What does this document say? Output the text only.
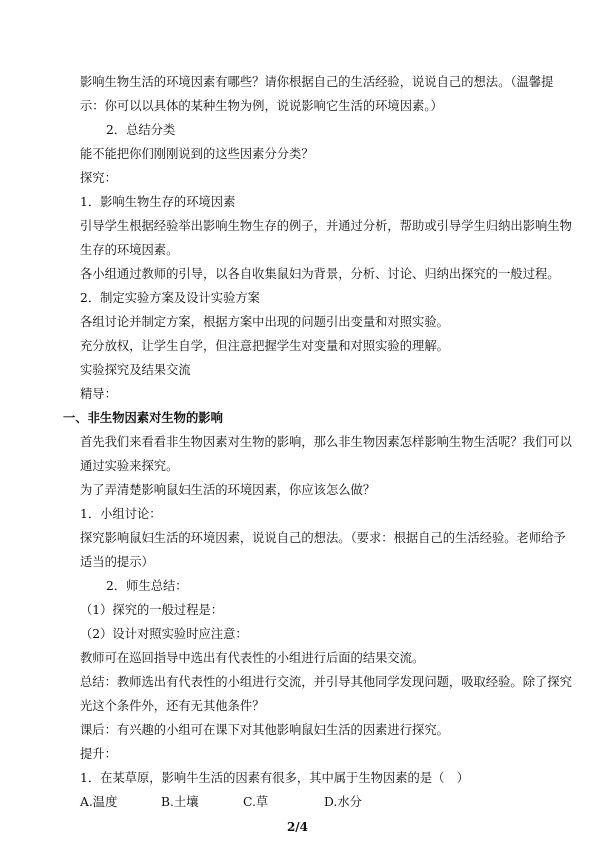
影响生物生活的环境因素有哪些？请你根据自己的生活经验，说说自己的想法。（温馨提
示：你可以以具体的某种生物为例，说说影响它生活的环境因素。）
2．总结分类
能不能把你们刚刚说到的这些因素分分类？
探究：
1．影响生物生存的环境因素
引导学生根据经验举出影响生物生存的例子，并通过分析，帮助或引导学生归纳出影响生物
生存的环境因素。
各小组通过教师的引导，以各自收集鼠妇为背景，分析、讨论、归纳出探究的一般过程。
2．制定实验方案及设计实验方案
各组讨论并制定方案，根据方案中出现的问题引出变量和对照实验。
充分放权，让学生自学，但注意把握学生对变量和对照实验的理解。
实验探究及结果交流
精导：
一、非生物因素对生物的影响
首先我们来看看非生物因素对生物的影响，那么非生物因素怎样影响生物生活呢？我们可以
通过实验来探究。
为了弄清楚影响鼠妇生活的环境因素，你应该怎么做？
1．小组讨论：
探究影响鼠妇生活的环境因素，说说自己的想法。（要求：根据自己的生活经验。老师给予
适当的提示）
2．师生总结：
（1）探究的一般过程是：
（2）设计对照实验时应注意：
教师可在巡回指导中选出有代表性的小组进行后面的结果交流。
总结：教师选出有代表性的小组进行交流，并引导其他同学发现问题，吸取经验。除了探究
光这个条件外，还有无其他条件？
课后：有兴趣的小组可在课下对其他影响鼠妇生活的因素进行探究。
提升：
1．在某草原，影响牛生活的因素有很多，其中属于生物因素的是（　）
A.温度	B.土壤	C.草	D.水分
2/4
